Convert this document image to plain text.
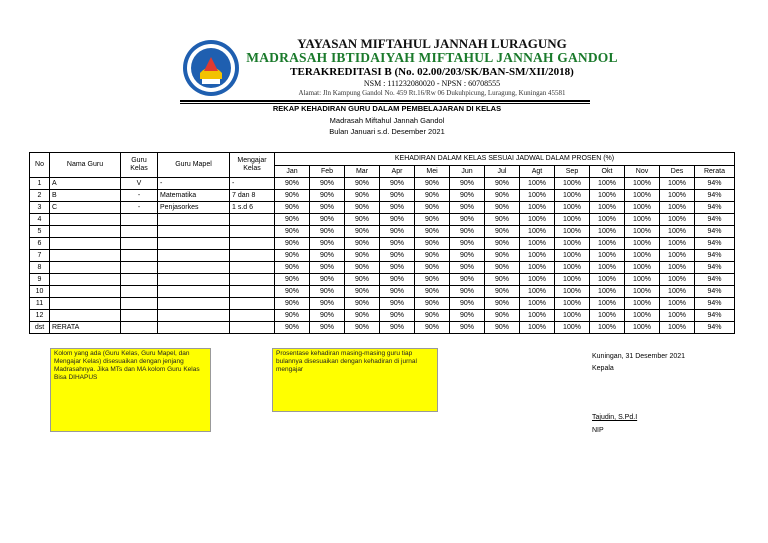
YAYASAN MIFTAHUL JANNAH LURAGUNG
MADRASAH IBTIDAIYAH MIFTAHUL JANNAH GANDOL
TERAKREDITASI B (No. 02.00/203/SK/BAN-SM/XII/2018)
NSM : 111232080020 - NPSN : 60708555
Alamat: Jln Kampung Gandol No. 459 Rt.16/Rw 06 Dukuhpicung, Luragung, Kuningan 45581
REKAP KEHADIRAN GURU DALAM PEMBELAJARAN DI KELAS
Madrasah Miftahul Jannah Gandol
Bulan Januari s.d. Desember 2021
No	Nama Guru	Guru Kelas	Guru Mapel	Mengajar Kelas	KEHADIRAN DALAM KELAS SESUAI JADWAL DALAM PROSEN (%)												
					Jan	Feb	Mar	Apr	Mei	Jun	Jul	Agt	Sep	Okt	Nov	Des	Rerata
1	A	V	-	-	90%	90%	90%	90%	90%	90%	90%	100%	100%	100%	100%	100%	94%
2	B	-	Matematika	7 dan 8	90%	90%	90%	90%	90%	90%	90%	100%	100%	100%	100%	100%	94%
3	C	-	Penjasorkes	1 s.d 6	90%	90%	90%	90%	90%	90%	90%	100%	100%	100%	100%	100%	94%
4					90%	90%	90%	90%	90%	90%	90%	100%	100%	100%	100%	100%	94%
5					90%	90%	90%	90%	90%	90%	90%	100%	100%	100%	100%	100%	94%
6					90%	90%	90%	90%	90%	90%	90%	100%	100%	100%	100%	100%	94%
7					90%	90%	90%	90%	90%	90%	90%	100%	100%	100%	100%	100%	94%
8					90%	90%	90%	90%	90%	90%	90%	100%	100%	100%	100%	100%	94%
9					90%	90%	90%	90%	90%	90%	90%	100%	100%	100%	100%	100%	94%
10					90%	90%	90%	90%	90%	90%	90%	100%	100%	100%	100%	100%	94%
11					90%	90%	90%	90%	90%	90%	90%	100%	100%	100%	100%	100%	94%
12					90%	90%	90%	90%	90%	90%	90%	100%	100%	100%	100%	100%	94%
dst	RERATA				90%	90%	90%	90%	90%	90%	90%	100%	100%	100%	100%	100%	94%
Kolom yang ada (Guru Kelas, Guru Mapel, dan Mengajar Kelas) disesuaikan dengan jenjang Madrasahnya. Jika MTs dan MA kolom Guru Kelas Bisa DIHAPUS
Prosentase kehadiran masing-masing guru tiap bulannya disesuaikan dengan kehadiran di jurnal mengajar
Kuningan, 31 Desember 2021
Kepala
Tajudin, S.Pd.I
NIP
